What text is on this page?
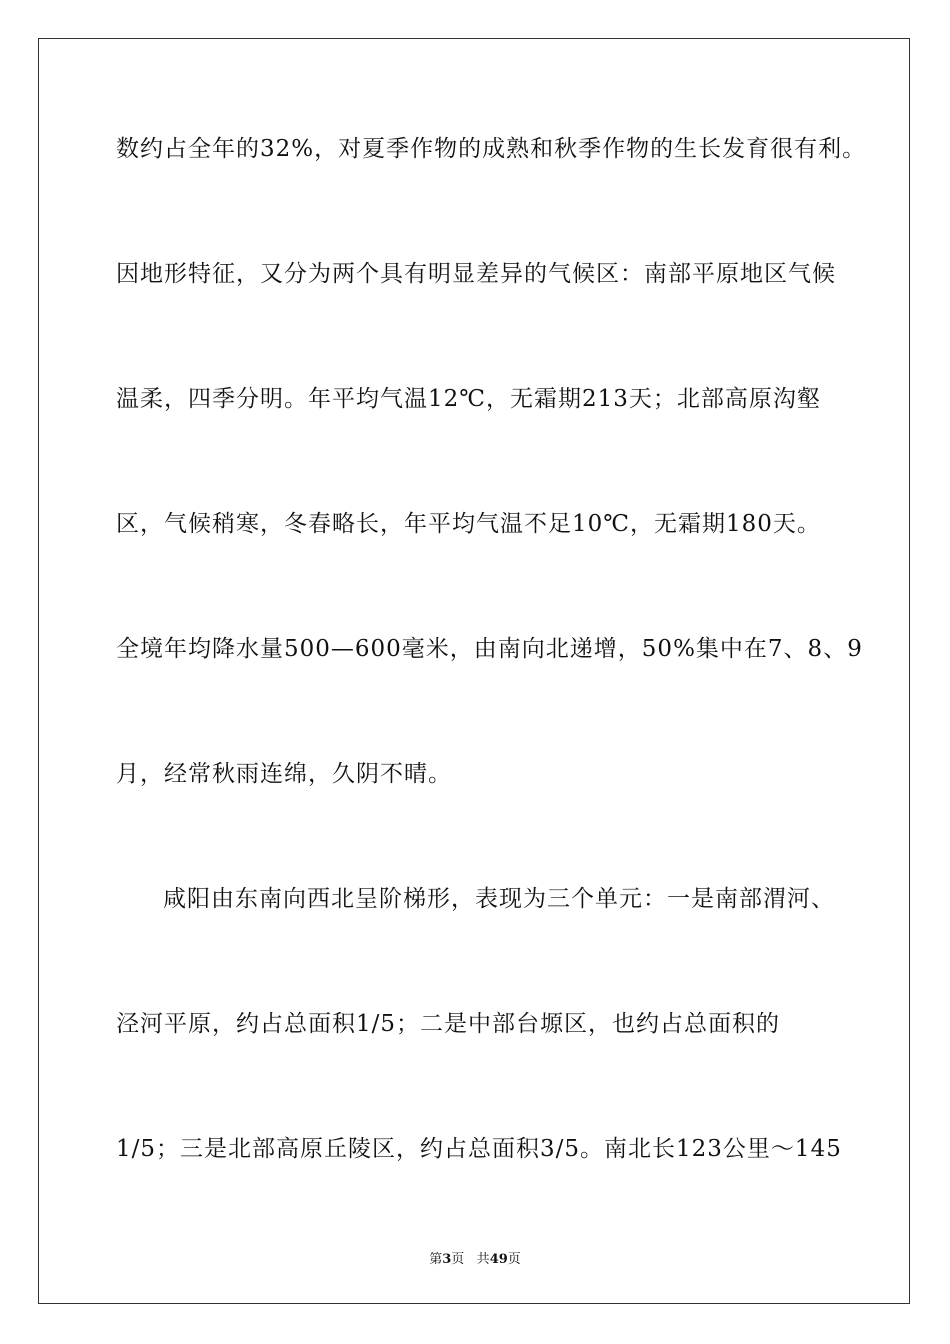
数约占全年的32%，对夏季作物的成熟和秋季作物的生长发育很有利。
因地形特征，又分为两个具有明显差异的气候区：南部平原地区气候
温柔，四季分明。年平均气温12℃，无霜期213天；北部高原沟壑
区，气候稍寒，冬春略长，年平均气温不足10℃，无霜期180天。
全境年均降水量500—600毫米，由南向北递增，50%集中在7、8、9
月，经常秋雨连绵，久阴不晴。
咸阳由东南向西北呈阶梯形，表现为三个单元：一是南部渭河、
泾河平原，约占总面积1/5；二是中部台塬区，也约占总面积的
1/5；三是北部高原丘陵区，约占总面积3/5。南北长123公里～145
第3页 共49页
